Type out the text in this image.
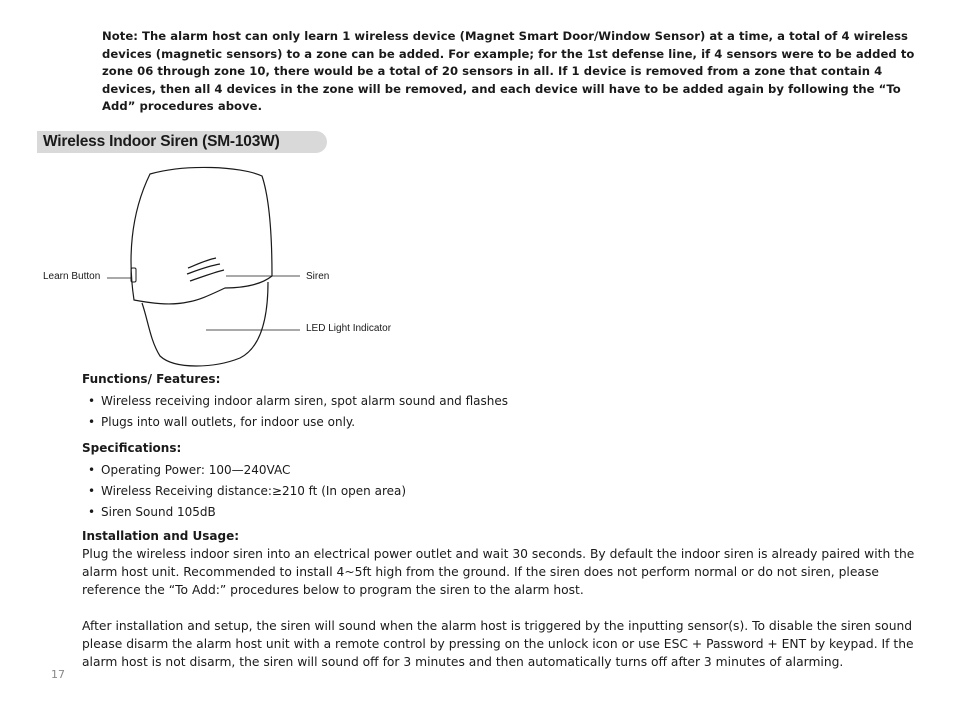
Note: The alarm host can only learn 1 wireless device (Magnet Smart Door/Window Sensor) at a time, a total of 4 wireless devices (magnetic sensors) to a zone can be added. For example; for the 1st defense line, if 4 sensors were to be added to zone 06 through zone 10, there would be a total of 20 sensors in all. If 1 device is removed from a zone that contain 4 devices, then all 4 devices in the zone will be removed, and each device will have to be added again by following the “To Add” procedures above.
Wireless Indoor Siren (SM-103W)
Learn Button	Siren
LED Light Indicator

Functions/ Features:

• Wireless receiving indoor alarm siren, spot alarm sound and flashes
• Plugs into wall outlets, for indoor use only.

Specifications:

• Operating Power: 100—240VAC
• Wireless Receiving distance:≥210 ft (In open area)
• Siren Sound 105dB

Installation and Usage:

Plug the wireless indoor siren into an electrical power outlet and wait 30 seconds. By default the indoor siren is already paired with the alarm host unit. Recommended to install 4~5ft high from the ground. If the siren does not perform normal or do not siren, please reference the “To Add:” procedures below to program the siren to the alarm host.

After installation and setup, the siren will sound when the alarm host is triggered by the inputting sensor(s). To disable the siren sound please disarm the alarm host unit with a remote control by pressing on the unlock icon or use ESC + Password + ENT by keypad. If the alarm host is not disarm, the siren will sound off for 3 minutes and then automatically turns off after 3 minutes of alarming.

17
